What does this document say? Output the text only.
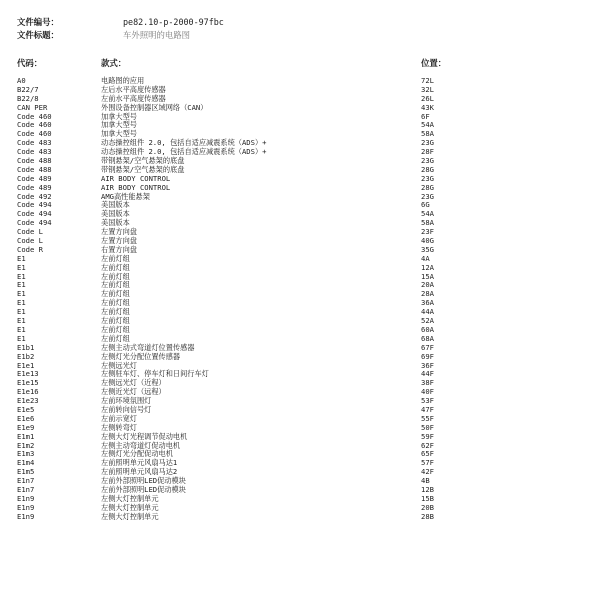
文件编号：	pe82.10-p-2000-97fbc
文件标题：	车外照明的电路图
代码：	款式：	位置：
A0	电路图的应用	72L
B22/7	左后水平高度传感器	32L
B22/8	左前水平高度传感器	26L
CAN PER	外围设备控制器区域网络（CAN）	43K
Code 460	加拿大型号	6F
Code 460	加拿大型号	54A
Code 460	加拿大型号	58A
Code 483	动态操控组件 2.0, 包括自适应减震系统（ADS）+	23G
Code 483	动态操控组件 2.0, 包括自适应减震系统（ADS）+	28F
Code 488	带钢悬架/空气悬架的底盘	23G
Code 488	带钢悬架/空气悬架的底盘	28G
Code 489	AIR BODY CONTROL	23G
Code 489	AIR BODY CONTROL	28G
Code 492	AMG高性能悬架	23G
Code 494	美国版本	6G
Code 494	美国版本	54A
Code 494	美国版本	58A
Code L	左置方向盘	23F
Code L	左置方向盘	40G
Code R	右置方向盘	35G
E1	左前灯组	4A
E1	左前灯组	12A
E1	左前灯组	15A
E1	左前灯组	20A
E1	左前灯组	28A
E1	左前灯组	36A
E1	左前灯组	44A
E1	左前灯组	52A
E1	左前灯组	60A
E1	左前灯组	68A
E1b1	左侧主动式弯道灯位置传感器	67F
E1b2	左侧灯光分配位置传感器	69F
E1e1	左侧远光灯	36F
E1e13	左侧驻车灯、停车灯和日间行车灯	44F
E1e15	左侧远光灯（近程）	38F
E1e16	左侧近光灯（远程）	40F
E1e23	左前环境氛围灯	53F
E1e5	左前转向信号灯	47F
E1e6	左前示宽灯	55F
E1e9	左侧转弯灯	50F
E1m1	左侧大灯光程调节促动电机	59F
E1m2	左侧主动弯道灯促动电机	62F
E1m3	左侧灯光分配促动电机	65F
E1m4	左前照明单元风扇马达1	57F
E1m5	左前照明单元风扇马达2	42F
E1n7	左前外部照明LED促动模块	4B
E1n7	左前外部照明LED促动模块	12B
E1n9	左侧大灯控制单元	15B
E1n9	左侧大灯控制单元	20B
E1n9	左侧大灯控制单元	28B
